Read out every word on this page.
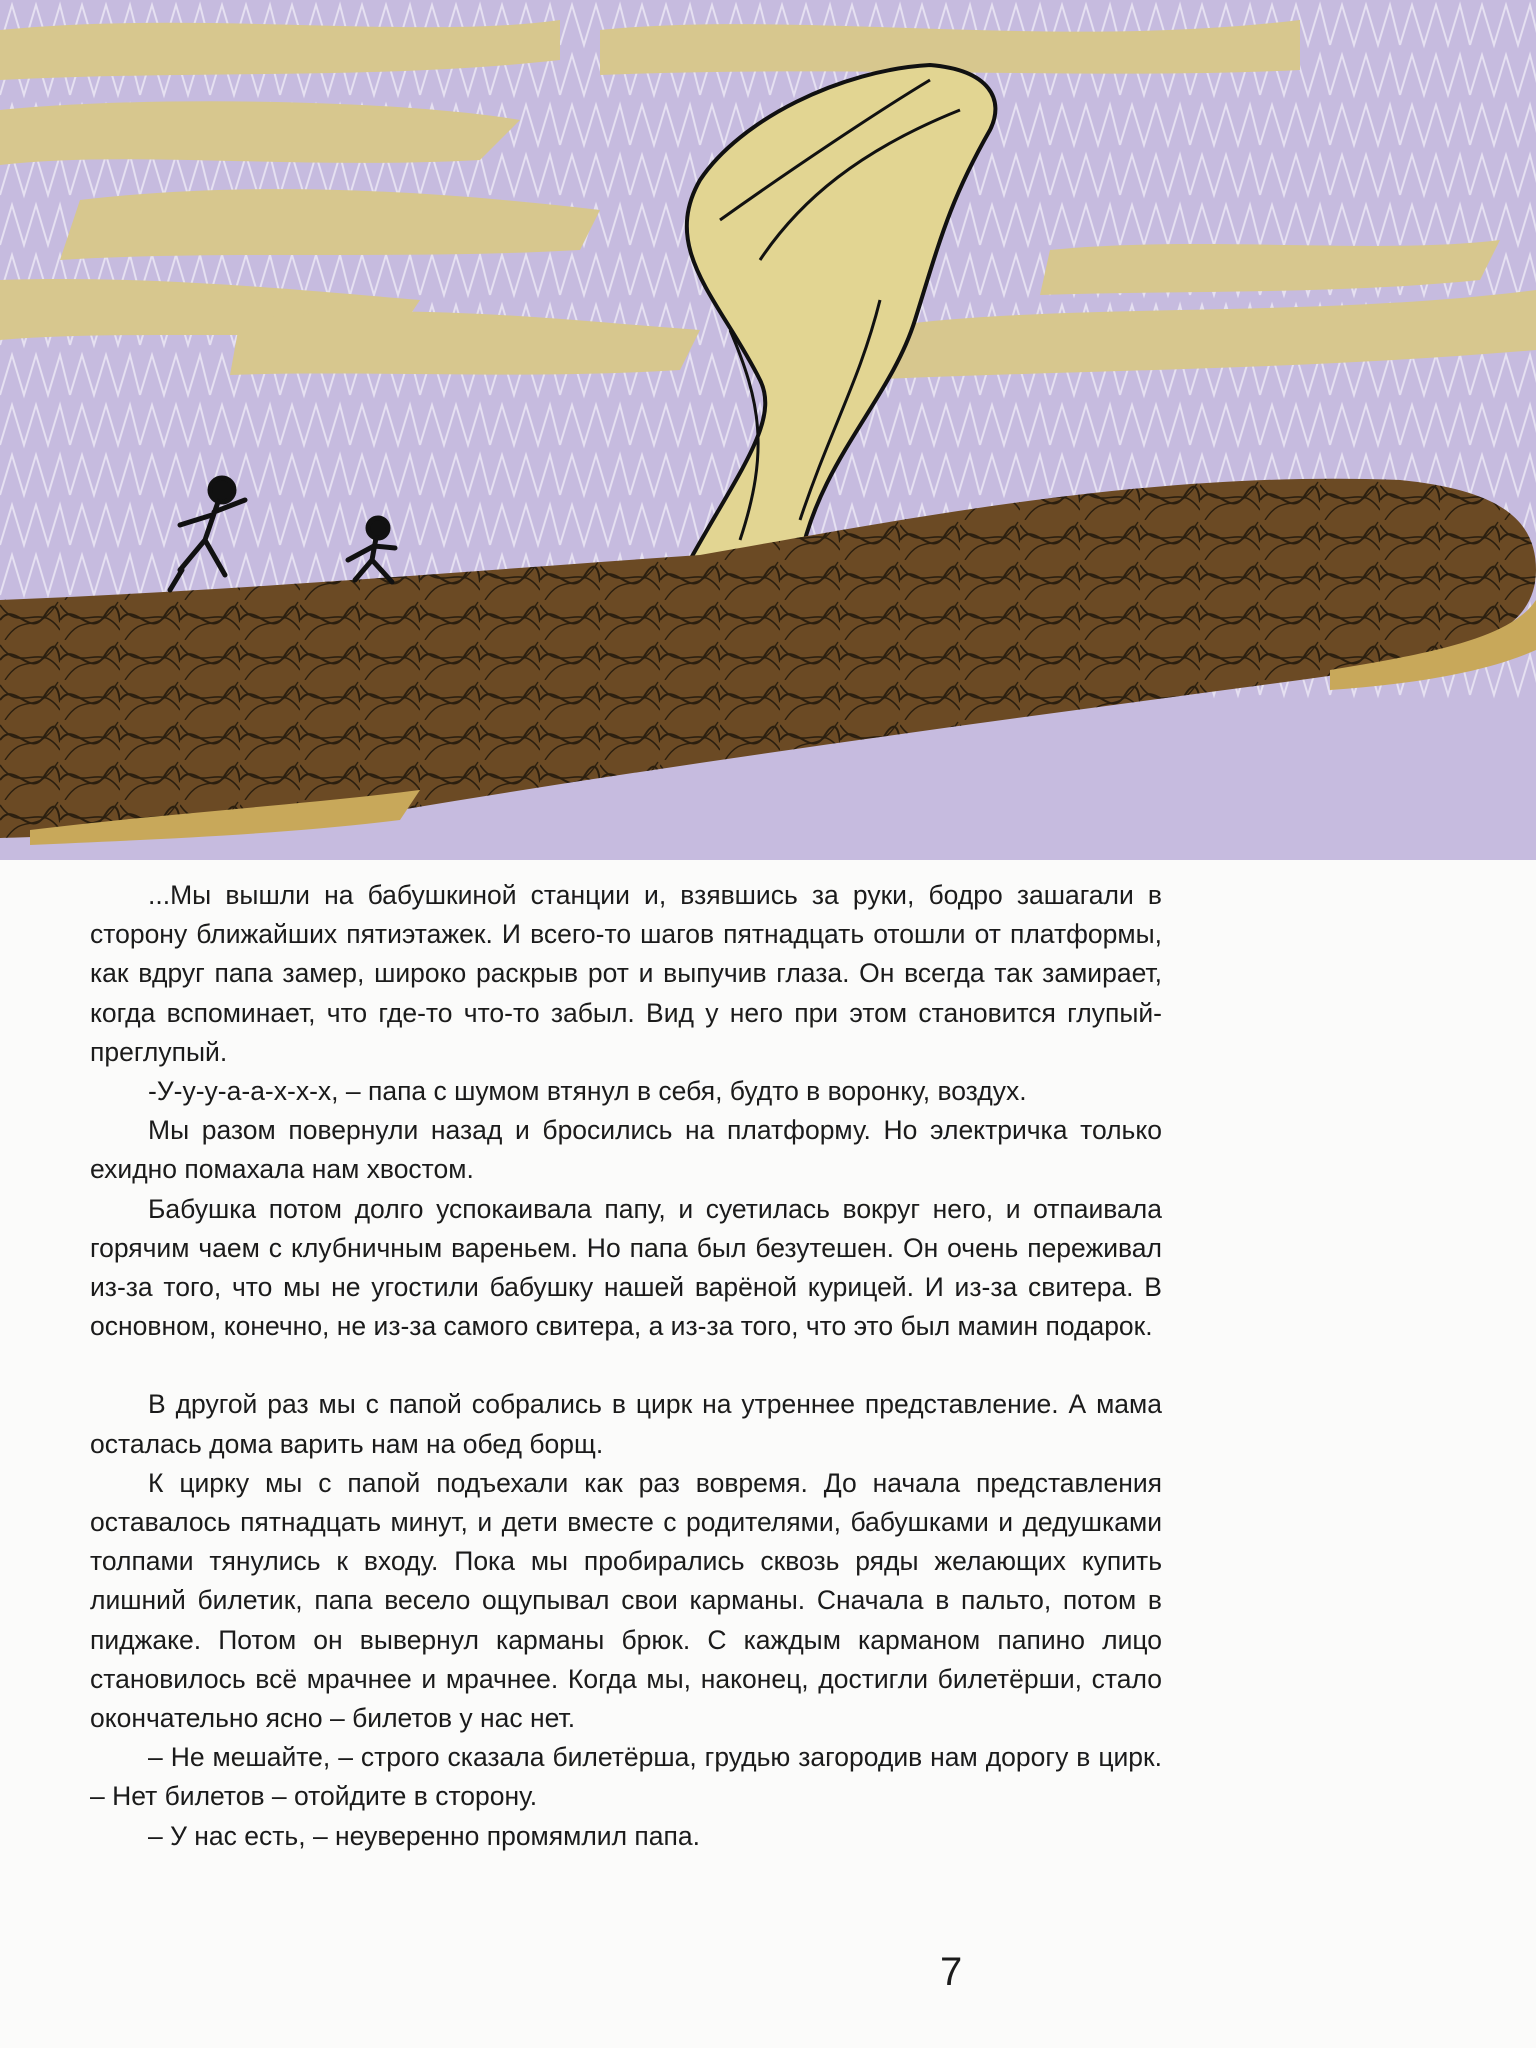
...Мы вышли на бабушкиной станции и, взявшись за руки, бодро зашагали в сторону ближайших пятиэтажек. И всего-то шагов пятнадцать отошли от платформы, как вдруг папа замер, широко раскрыв рот и выпучив глаза. Он всегда так замирает, когда вспоминает, что где-то что-то забыл. Вид у него при этом становится глупый-преглупый.

-У-у-у-а-а-х-х-х, – папа с шумом втянул в себя, будто в воронку, воздух.

Мы разом повернули назад и бросились на платформу. Но электричка только ехидно помахала нам хвостом.

Бабушка потом долго успокаивала папу, и суетилась вокруг него, и отпаивала горячим чаем с клубничным вареньем. Но папа был безутешен. Он очень переживал из-за того, что мы не угостили бабушку нашей варёной курицей. И из-за свитера. В основном, конечно, не из-за самого свитера, а из-за того, что это был мамин подарок.

В другой раз мы с папой собрались в цирк на утреннее представление. А мама осталась дома варить нам на обед борщ.

К цирку мы с папой подъехали как раз вовремя. До начала представления оставалось пятнадцать минут, и дети вместе с родителями, бабушками и дедушками толпами тянулись к входу. Пока мы пробирались сквозь ряды желающих купить лишний билетик, папа весело ощупывал свои карманы. Сначала в пальто, потом в пиджаке. Потом он вывернул карманы брюк. С каждым карманом папино лицо становилось всё мрачнее и мрачнее. Когда мы, наконец, достигли билетёрши, стало окончательно ясно – билетов у нас нет.

– Не мешайте, – строго сказала билетёрша, грудью загородив нам дорогу в цирк. – Нет билетов – отойдите в сторону.

– У нас есть, – неуверенно промямлил папа.

7
